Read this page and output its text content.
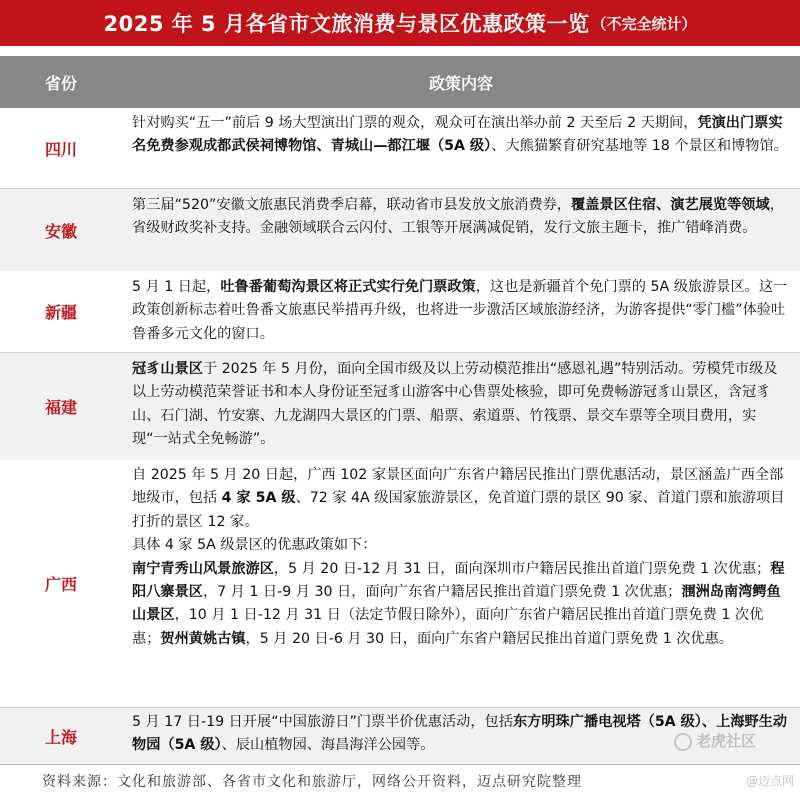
2025 年 5 月各省市文旅消费与景区优惠政策一览 （不完全统计）
省份	政策内容
四川
针对购买“五一”前后 9 场大型演出门票的观众，观众可在演出举办前 2 天至后 2 天期间，凭演出门票实名免费参观成都武侯祠博物馆、青城山—都江堰（5A 级）、大熊猫繁育研究基地等 18 个景区和博物馆。
安徽
第三届“520”安徽文旅惠民消费季启幕，联动省市县发放文旅消费券，覆盖景区住宿、演艺展览等领域，省级财政奖补支持。金融领域联合云闪付、工银等开展满减促销，发行文旅主题卡，推广错峰消费。
新疆
5 月 1 日起，吐鲁番葡萄沟景区将正式实行免门票政策，这也是新疆首个免门票的 5A 级旅游景区。这一政策创新标志着吐鲁番文旅惠民举措再升级，也将进一步激活区域旅游经济，为游客提供“零门槛”体验吐鲁番多元文化的窗口。
福建
冠豸山景区于 2025 年 5 月份，面向全国市级及以上劳动模范推出“感恩礼遇”特别活动。劳模凭市级及以上劳动模范荣誉证书和本人身份证至冠豸山游客中心售票处核验，即可免费畅游冠豸山景区，含冠豸山、石门湖、竹安寨、九龙湖四大景区的门票、船票、索道票、竹筏票、景交车票等全项目费用，实现“一站式全免畅游”。
广西
自 2025 年 5 月 20 日起，广西 102 家景区面向广东省户籍居民推出门票优惠活动，景区涵盖广西全部地级市，包括 4 家 5A 级、72 家 4A 级国家旅游景区，免首道门票的景区 90 家、首道门票和旅游项目打折的景区 12 家。
具体 4 家 5A 级景区的优惠政策如下：
南宁青秀山风景旅游区，5 月 20 日-12 月 31 日，面向深圳市户籍居民推出首道门票免费 1 次优惠；程阳八寨景区，7 月 1 日-9 月 30 日，面向广东省户籍居民推出首道门票免费 1 次优惠；涠洲岛南湾鳄鱼山景区，10 月 1 日-12 月 31 日（法定节假日除外），面向广东省户籍居民推出首道门票免费 1 次优惠；贺州黄姚古镇，5 月 20 日-6 月 30 日，面向广东省户籍居民推出首道门票免费 1 次优惠。
上海
5 月 17 日-19 日开展“中国旅游日”门票半价优惠活动，包括东方明珠广播电视塔（5A 级）、上海野生动物园（5A 级）、辰山植物园、海昌海洋公园等。
资料来源：文化和旅游部、各省市文化和旅游厅，网络公开资料，迈点研究院整理
老虎社区
@迈点网
